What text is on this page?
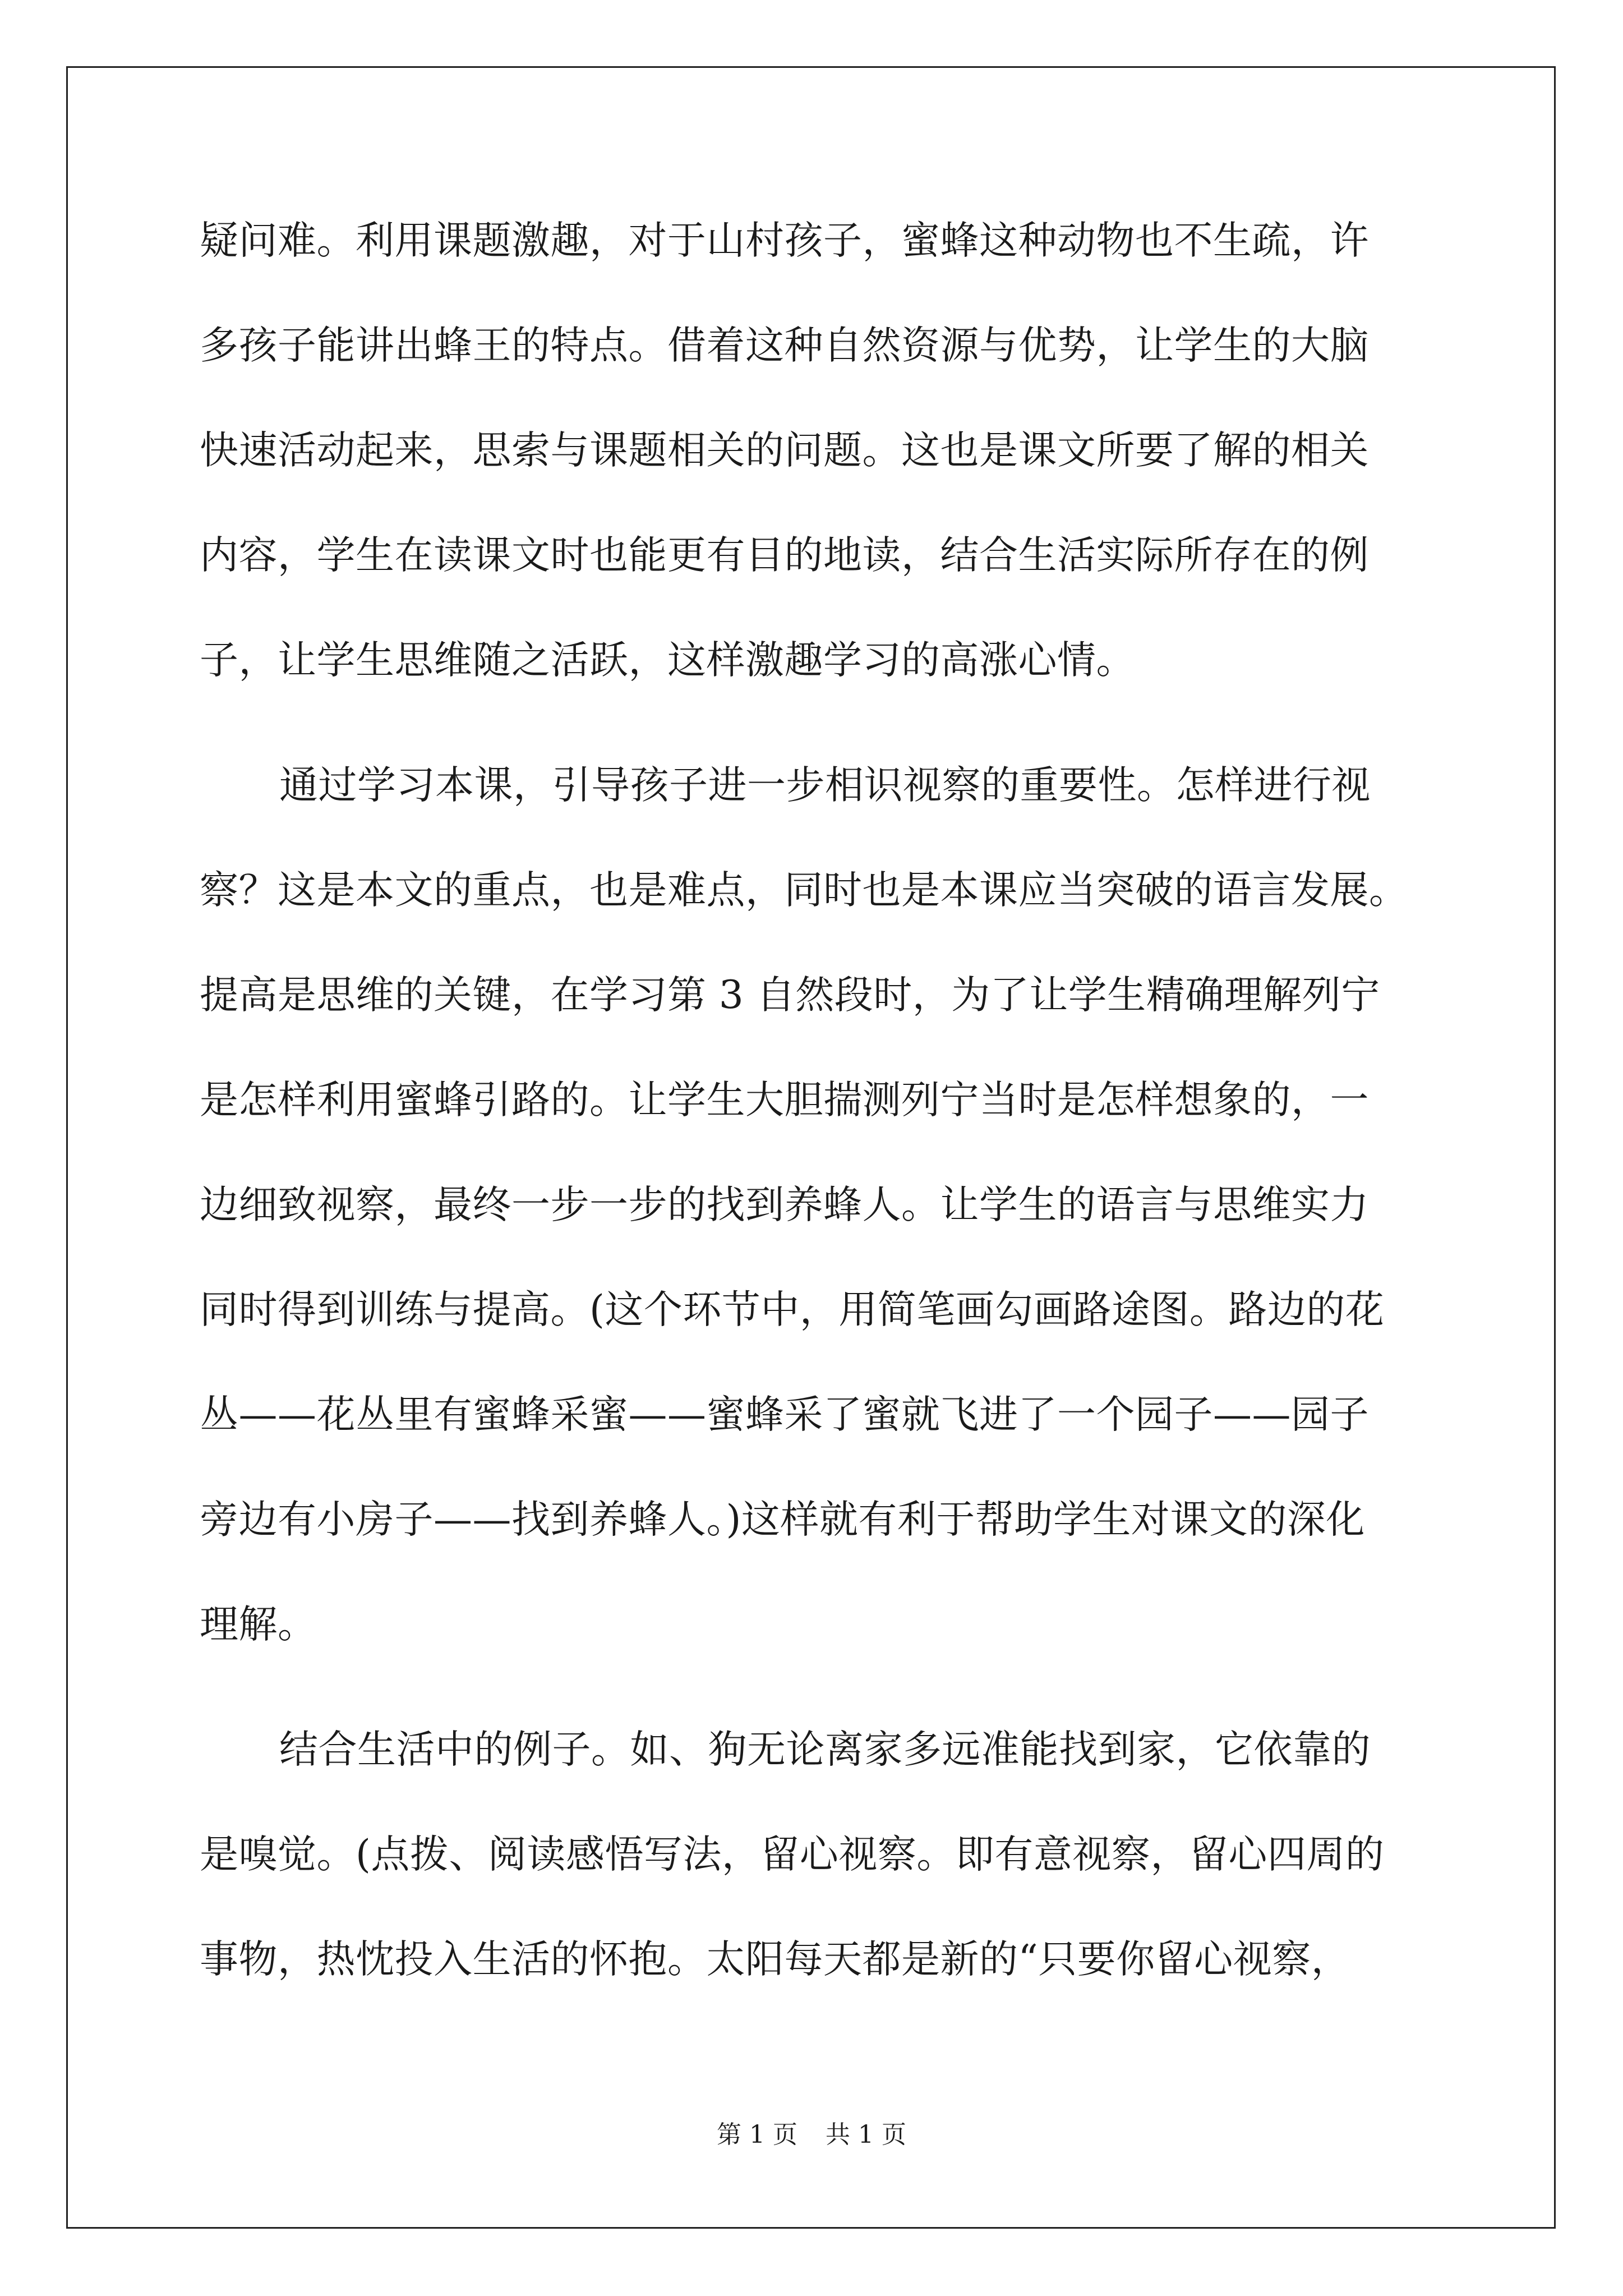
疑问难。利用课题激趣，对于山村孩子，蜜蜂这种动物也不生疏，许
多孩子能讲出蜂王的特点。借着这种自然资源与优势，让学生的大脑
快速活动起来，思索与课题相关的问题。这也是课文所要了解的相关
内容，学生在读课文时也能更有目的地读，结合生活实际所存在的例
子，让学生思维随之活跃，这样激趣学习的高涨心情。
通过学习本课，引导孩子进一步相识视察的重要性。怎样进行视
察？这是本文的重点，也是难点，同时也是本课应当突破的语言发展。
提高是思维的关键，在学习第 3 自然段时，为了让学生精确理解列宁
是怎样利用蜜蜂引路的。让学生大胆揣测列宁当时是怎样想象的，一
边细致视察，最终一步一步的找到养蜂人。让学生的语言与思维实力
同时得到训练与提高。(这个环节中，用简笔画勾画路途图。路边的花
丛——花丛里有蜜蜂采蜜——蜜蜂采了蜜就飞进了一个园子——园子
旁边有小房子——找到养蜂人。)这样就有利于帮助学生对课文的深化
理解。
结合生活中的例子。如、狗无论离家多远准能找到家，它依靠的
是嗅觉。(点拨、阅读感悟写法，留心视察。即有意视察，留心四周的
事物，热忱投入生活的怀抱。太阳每天都是新的“只要你留心视察，
第 1 页 共 1 页
